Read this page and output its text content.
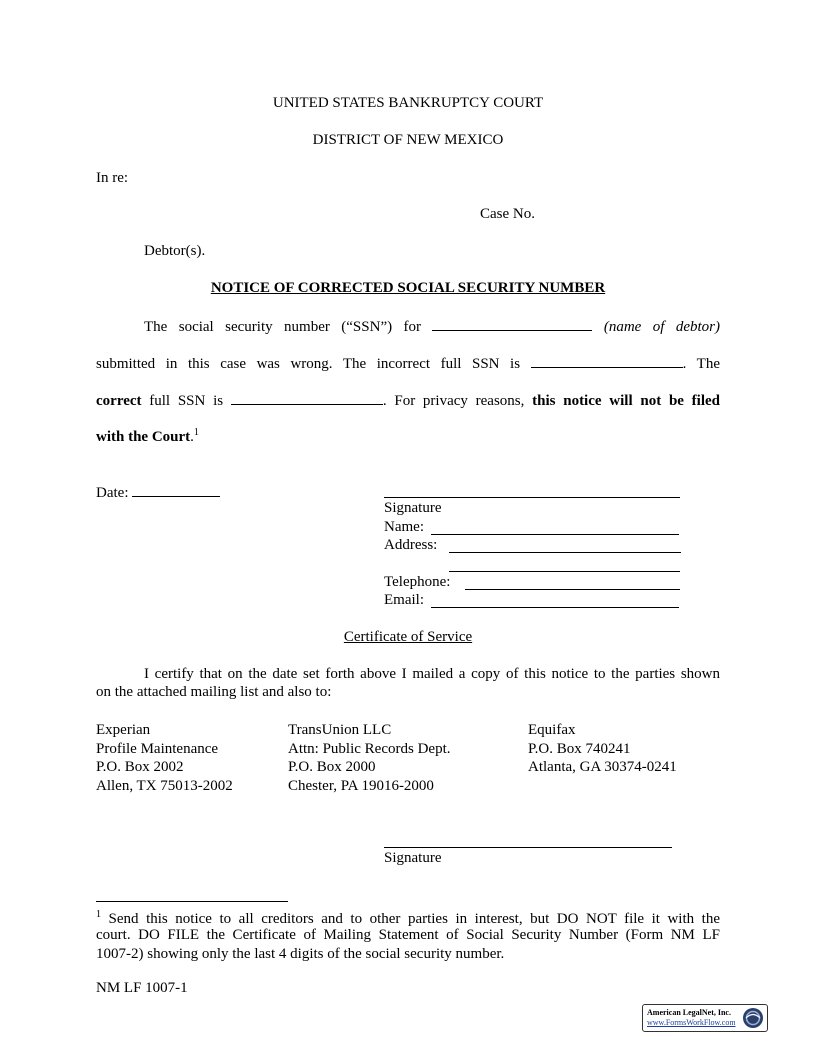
UNITED STATES BANKRUPTCY COURT
DISTRICT OF NEW MEXICO
In re:
Case No.
Debtor(s).
NOTICE OF CORRECTED SOCIAL SECURITY NUMBER
The social security number (“SSN”) for	(name of debtor)
submitted in this case was wrong. The incorrect full SSN is	. The
correct full SSN is	. For privacy reasons, this notice will not be filed
with the Court.$^1$
Date:
Signature
Name:
Address:
Telephone:
Email:
Certificate of Service
I certify that on the date set forth above I mailed a copy of this notice to the parties shown
on the attached mailing list and also to:
Experian
Profile Maintenance
P.O. Box 2002
Allen, TX 75013-2002
TransUnion LLC
Attn: Public Records Dept.
P.O. Box 2000
Chester, PA 19016-2000
Equifax
P.O. Box 740241
Atlanta, GA 30374-0241
Signature
$^1$ Send this notice to all creditors and to other parties in interest, but DO NOT file it with the
court. DO FILE the Certificate of Mailing Statement of Social Security Number (Form NM LF
1007-2) showing only the last 4 digits of the social security number.
NM LF 1007-1
American LegalNet, Inc.
www.FormsWorkFlow.com
